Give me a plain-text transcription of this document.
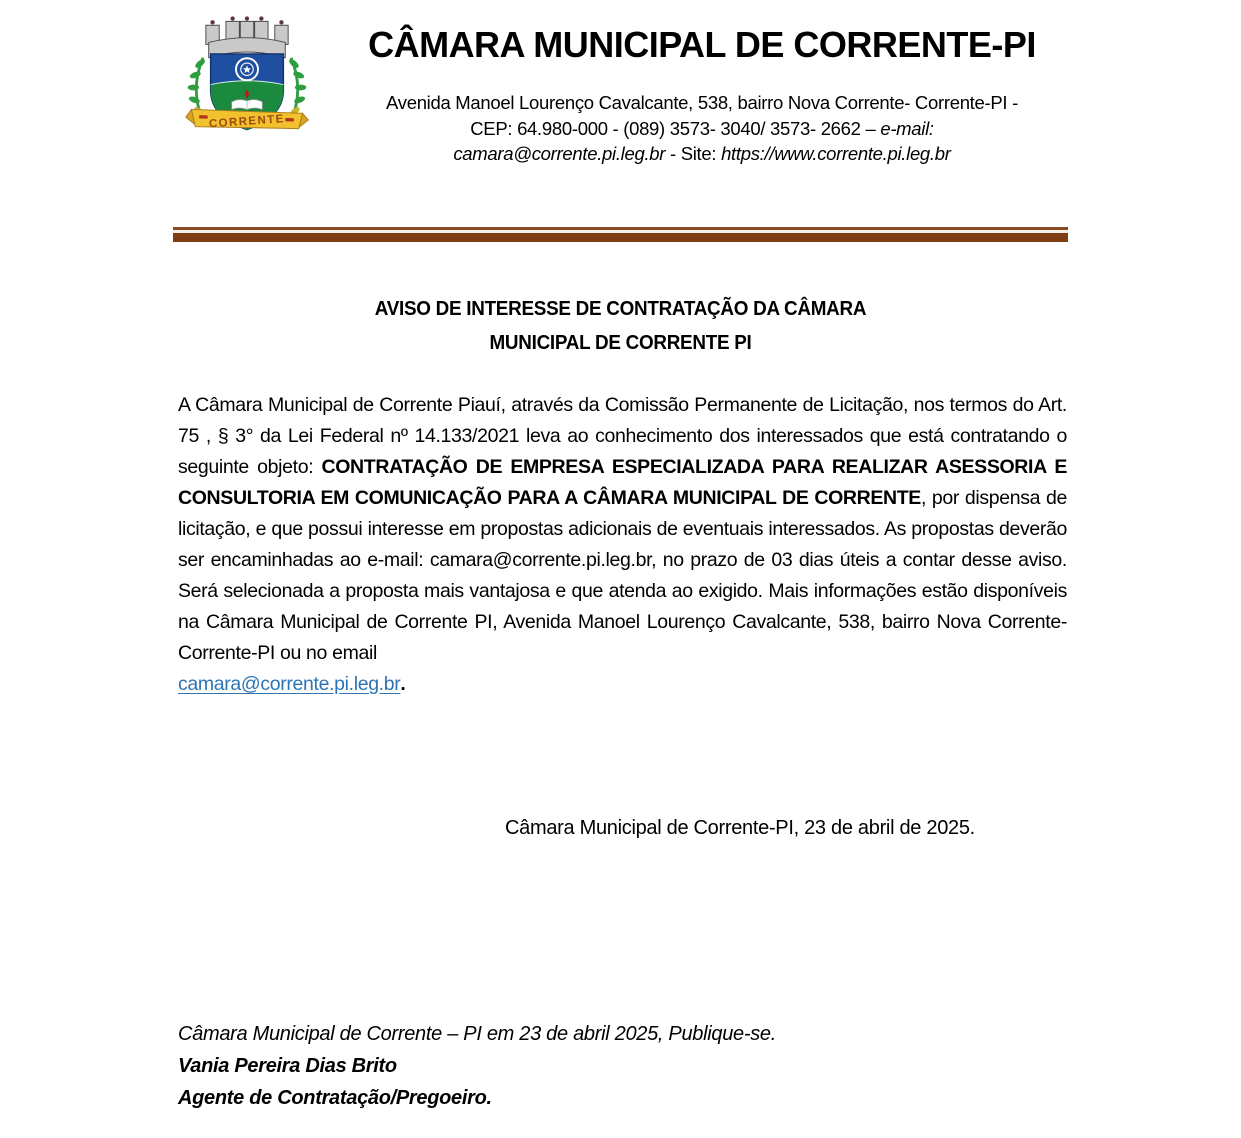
CORRENTE
CÂMARA MUNICIPAL DE CORRENTE-PI
Avenida Manoel Lourenço Cavalcante, 538, bairro Nova Corrente- Corrente-PI -
CEP: 64.980-000 - (089) 3573- 3040/ 3573- 2662 – e-mail:
camara@corrente.pi.leg.br - Site: https://www.corrente.pi.leg.br
AVISO DE INTERESSE DE CONTRATAÇÃO DA CÂMARA
MUNICIPAL DE CORRENTE PI
A Câmara Municipal de Corrente Piauí, através da Comissão Permanente de Licitação, nos termos do Art. 75 , § 3° da Lei Federal nº 14.133/2021 leva ao conhecimento dos interessados que está contratando o seguinte objeto: CONTRATAÇÃO DE EMPRESA ESPECIALIZADA PARA REALIZAR ASESSORIA E CONSULTORIA EM COMUNICAÇÃO PARA A CÂMARA MUNICIPAL DE CORRENTE, por dispensa de licitação, e que possui interesse em propostas adicionais de eventuais interessados. As propostas deverão ser encaminhadas ao e-mail: camara@corrente.pi.leg.br, no prazo de 03 dias úteis a contar desse aviso. Será selecionada a proposta mais vantajosa e que atenda ao exigido. Mais informações estão disponíveis na Câmara Municipal de Corrente PI, Avenida Manoel Lourenço Cavalcante, 538, bairro Nova Corrente- Corrente-PI ou no email
camara@corrente.pi.leg.br.
Câmara Municipal de Corrente-PI, 23 de abril de 2025.
Câmara Municipal de Corrente – PI em 23 de abril 2025, Publique-se.
Vania Pereira Dias Brito
Agente de Contratação/Pregoeiro.
